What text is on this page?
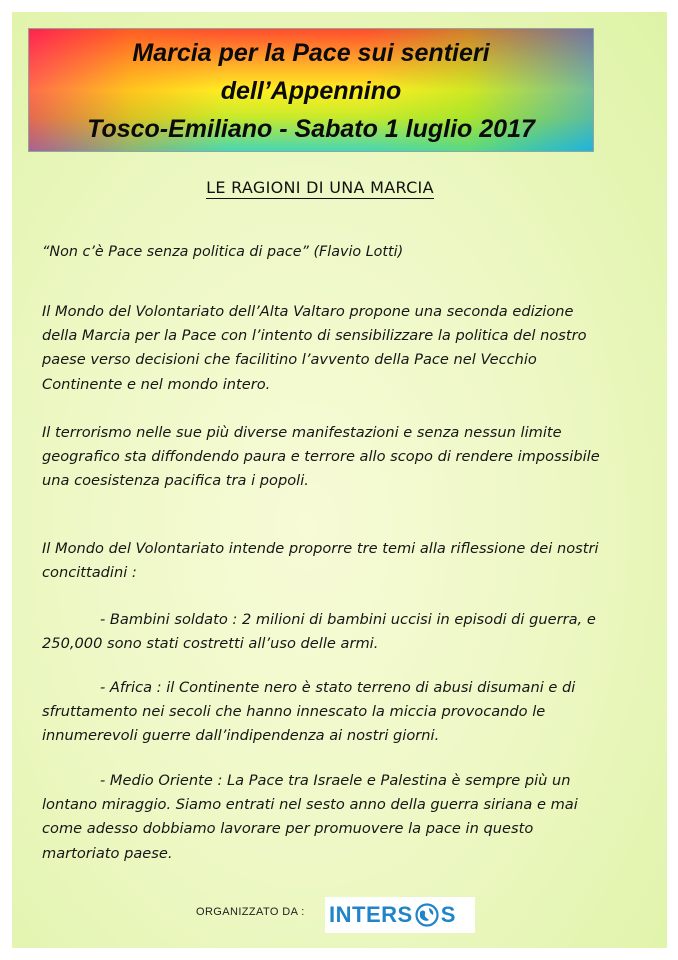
Marcia per la Pace sui sentieri
dell’Appennino
Tosco-Emiliano - Sabato 1 luglio 2017
LE RAGIONI DI UNA MARCIA

“Non c’è Pace senza politica di pace” (Flavio Lotti)

Il Mondo del Volontariato dell’Alta Valtaro propone una seconda edizione della Marcia per la Pace con l’intento di sensibilizzare la politica del nostro paese verso decisioni che facilitino l’avvento della Pace nel Vecchio Continente e nel mondo intero.

Il terrorismo nelle sue più diverse manifestazioni e senza nessun limite geografico sta diffondendo paura e terrore allo scopo di rendere impossibile una coesistenza pacifica tra i popoli.

Il Mondo del Volontariato intende proporre tre temi alla riflessione dei nostri concittadini :

- Bambini soldato : 2 milioni di bambini uccisi in episodi di guerra, e 250,000 sono stati costretti all’uso delle armi.

- Africa : il Continente nero è stato terreno di abusi disumani e di sfruttamento nei secoli che hanno innescato la miccia provocando le innumerevoli guerre dall’indipendenza ai nostri giorni.

- Medio Oriente : La Pace tra Israele e Palestina è sempre più un lontano miraggio. Siamo entrati nel sesto anno della guerra siriana e mai come adesso dobbiamo lavorare per promuovere la pace in questo martoriato paese.

ORGANIZZATO DA : INTERS S
